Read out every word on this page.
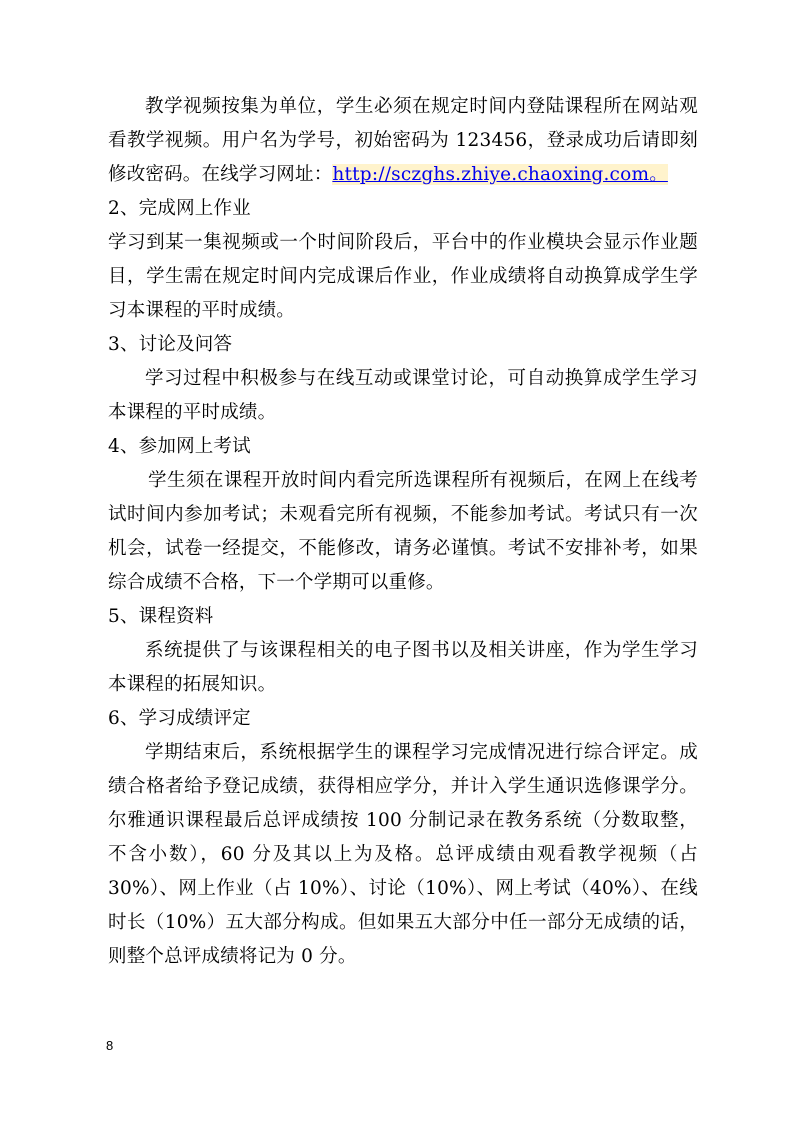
教学视频按集为单位，学生必须在规定时间内登陆课程所在网站观看教学视频。用户名为学号，初始密码为 123456，登录成功后请即刻修改密码。在线学习网址：http://sczghs.zhiye.chaoxing.com。

2、完成网上作业

学习到某一集视频或一个时间阶段后，平台中的作业模块会显示作业题目，学生需在规定时间内完成课后作业，作业成绩将自动换算成学生学习本课程的平时成绩。

3、讨论及问答

学习过程中积极参与在线互动或课堂讨论，可自动换算成学生学习本课程的平时成绩。

4、参加网上考试

学生须在课程开放时间内看完所选课程所有视频后，在网上在线考试时间内参加考试；未观看完所有视频，不能参加考试。考试只有一次机会，试卷一经提交，不能修改，请务必谨慎。考试不安排补考，如果综合成绩不合格，下一个学期可以重修。

5、课程资料

系统提供了与该课程相关的电子图书以及相关讲座，作为学生学习本课程的拓展知识。

6、学习成绩评定

学期结束后，系统根据学生的课程学习完成情况进行综合评定。成绩合格者给予登记成绩，获得相应学分，并计入学生通识选修课学分。尔雅通识课程最后总评成绩按 100 分制记录在教务系统（分数取整，不含小数），60 分及其以上为及格。总评成绩由观看教学视频（占 30%）、网上作业（占 10%）、讨论（10%）、网上考试（40%）、在线时长（10%）五大部分构成。但如果五大部分中任一部分无成绩的话，则整个总评成绩将记为 0 分。

8
